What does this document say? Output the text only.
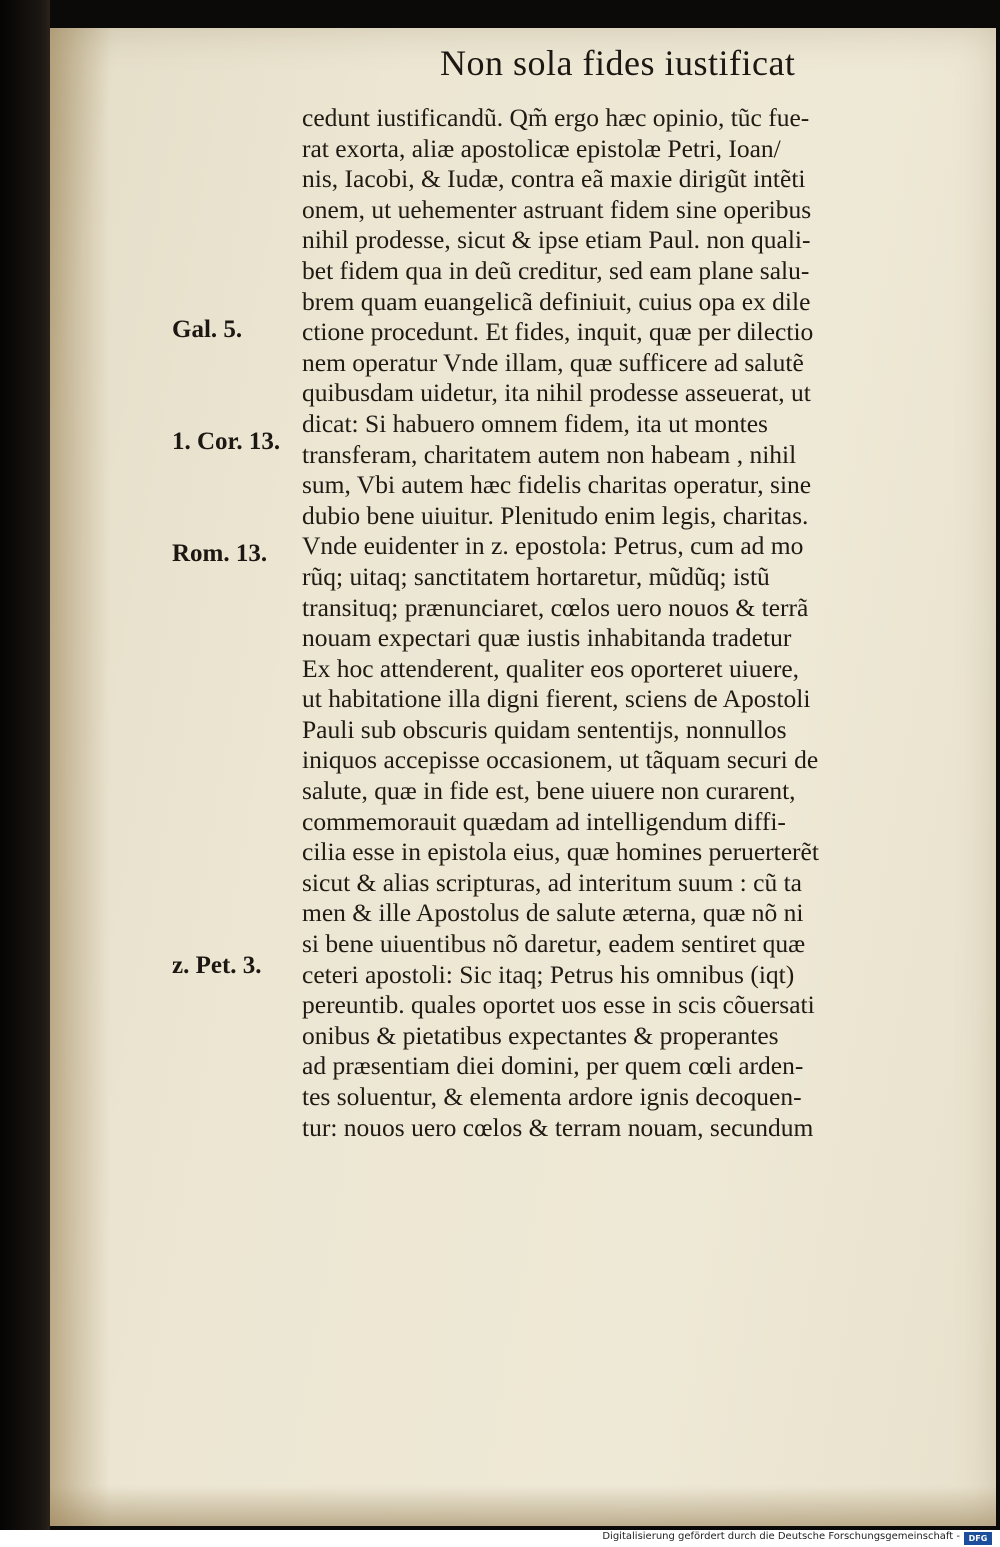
Non sola fides iustificat
cedunt iustificandũ. Qm̃ ergo hæc opinio, tũc fue-
rat exorta, aliæ apostolicæ epistolæ Petri, Ioan/
nis, Iacobi, & Iudæ, contra eã maxie dirigũt intẽti
onem, ut uehementer astruant fidem sine operibus
nihil prodesse, sicut & ipse etiam Paul. non quali-
bet fidem qua in deũ creditur, sed eam plane salu-
brem quam euangelicã definiuit, cuius opa ex dile
ctione procedunt. Et fides, inquit, quæ per dilectio
nem operatur Vnde illam, quæ sufficere ad salutẽ
quibusdam uidetur, ita nihil prodesse asseuerat, ut
dicat: Si habuero omnem fidem, ita ut montes
transferam, charitatem autem non habeam , nihil
sum, Vbi autem hæc fidelis charitas operatur, sine
dubio bene uiuitur. Plenitudo enim legis, charitas.
Vnde euidenter in z. epostola: Petrus, cum ad mo
rũq; uitaq; sanctitatem hortaretur, mũdũq; istũ
transituq; prænunciaret, cœlos uero nouos & terrã
nouam expectari quæ iustis inhabitanda tradetur
Ex hoc attenderent, qualiter eos oporteret uiuere,
ut habitatione illa digni fierent, sciens de Apostoli
Pauli sub obscuris quidam sententijs, nonnullos
iniquos accepisse occasionem, ut tãquam securi de
salute, quæ in fide est, bene uiuere non curarent,
commemorauit quædam ad intelligendum diffi-
cilia esse in epistola eius, quæ homines peruerterẽt
sicut & alias scripturas, ad interitum suum : cũ ta
men & ille Apostolus de salute æterna, quæ nõ ni
si bene uiuentibus nõ daretur, eadem sentiret quæ
ceteri apostoli: Sic itaq; Petrus his omnibus (iqt)
pereuntib. quales oportet uos esse in scis cõuersati
onibus & pietatibus expectantes & properantes
ad præsentiam diei domini, per quem cœli arden-
tes soluentur, & elementa ardore ignis decoquen-
tur: nouos uero cœlos & terram nouam, secundum
Gal. 5.
1. Cor. 13.
Rom. 13.
z. Pet. 3.
Digitalisierung gefördert durch die Deutsche Forschungsgemeinschaft -	DFG
